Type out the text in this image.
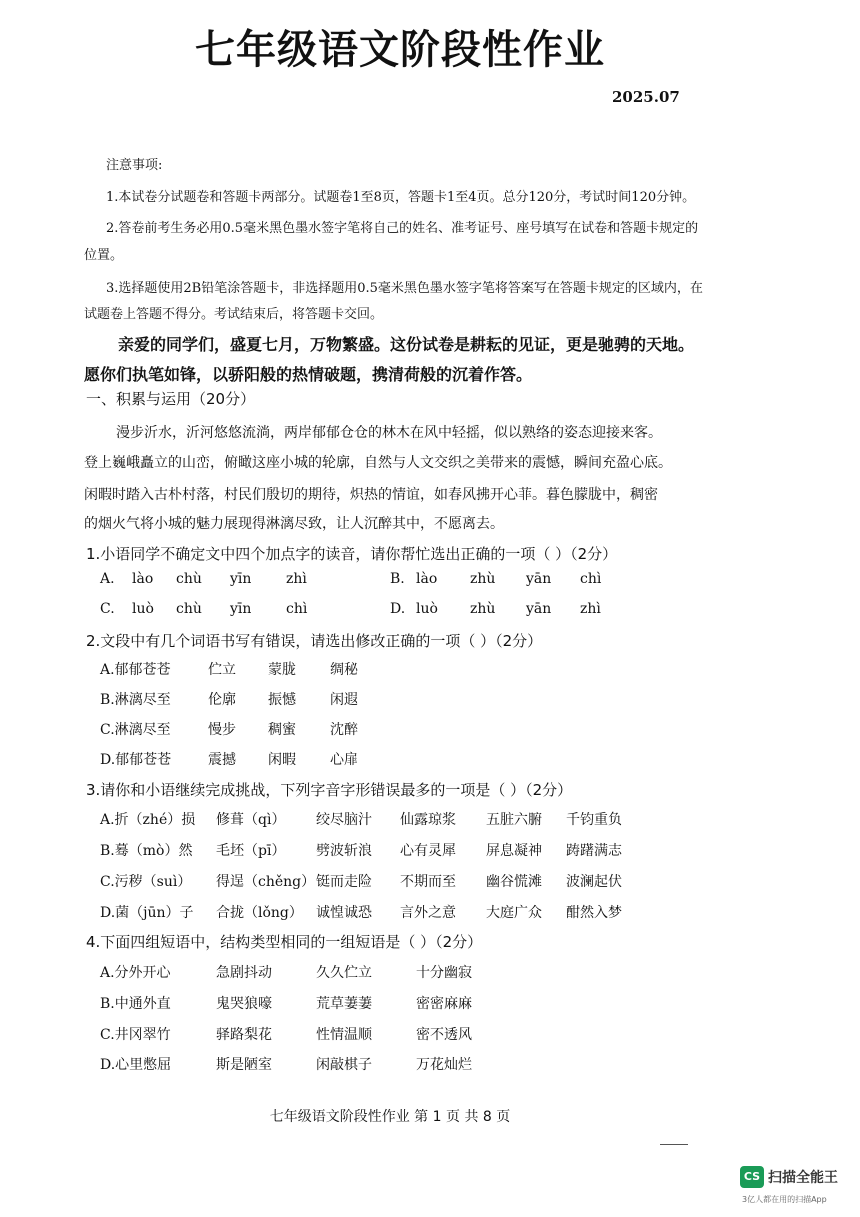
七年级语文阶段性作业
2025.07
注意事项:
1.本试卷分试题卷和答题卡两部分。试题卷1至8页，答题卡1至4页。总分120分，考试时间120分钟。
2.答卷前考生务必用0.5毫米黑色墨水签字笔将自己的姓名、准考证号、座号填写在试卷和答题卡规定的
位置。
3.选择题使用2B铅笔涂答题卡，非选择题用0.5毫米黑色墨水签字笔将答案写在答题卡规定的区域内，在
试题卷上答题不得分。考试结束后，将答题卡交回。
亲爱的同学们，盛夏七月，万物繁盛。这份试卷是耕耘的见证，更是驰骋的天地。
愿你们执笔如锋，以骄阳般的热情破题，携清荷般的沉着作答。
一、积累与运用（20分）
漫步沂水，沂河悠悠流淌，两岸郁郁仓仓的林木在风中轻摇，似以熟络的姿态迎接来客。
登上巍峨矗立的山峦，俯瞰这座小城的轮廓，自然与人文交织之美带来的震憾，瞬间充盈心底。
闲暇时踏入古朴村落，村民们殷切的期待，炽热的情谊，如春风拂开心菲。暮色朦胧中，稠密
的烟火气将小城的魅力展现得淋漓尽致，让人沉醉其中，不愿离去。
1.小语同学不确定文中四个加点字的读音，请你帮忙选出正确的一项（ ）（2分）
A. lào chù yīn zhì	B. lào zhù yān chì
C. luò chù yīn chì	D. luò zhù yān zhì
2.文段中有几个词语书写有错误，请选出修改正确的一项（ ）（2分）
A.郁郁苍苍	伫立 蒙胧 绸秘
B.淋漓尽至	伦廓 振憾 闲遐
C.淋漓尽至	慢步 稠蜜 沈醉
D.郁郁苍苍	震撼 闲暇 心扉
3.请你和小语继续完成挑战，下列字音字形错误最多的一项是（ ）（2分）
A.折（zhé）损 修葺（qì） 绞尽脑汁 仙露琼浆 五脏六腑 千钧重负
B.蓦（mò）然 毛坯（pī） 劈波斩浪 心有灵犀 屏息凝神 踌躇满志
C.污秽（suì） 得逞（chěng） 铤而走险 不期而至 幽谷慌滩 波澜起伏
D.菌（jūn）子 合拢（lǒng） 诚惶诚恐 言外之意 大庭广众 酣然入梦
4.下面四组短语中，结构类型相同的一组短语是（ ）（2分）
A.分外开心	急剧抖动	久久伫立	十分幽寂
B.中通外直	鬼哭狼嚎	荒草萋萋	密密麻麻
C.井冈翠竹	驿路梨花	性情温顺	密不透风
D.心里憋屈	斯是陋室	闲敲棋子	万花灿烂
七年级语文阶段性作业 第 1 页 共 8 页
CS 扫描全能王
3亿人都在用的扫描App
